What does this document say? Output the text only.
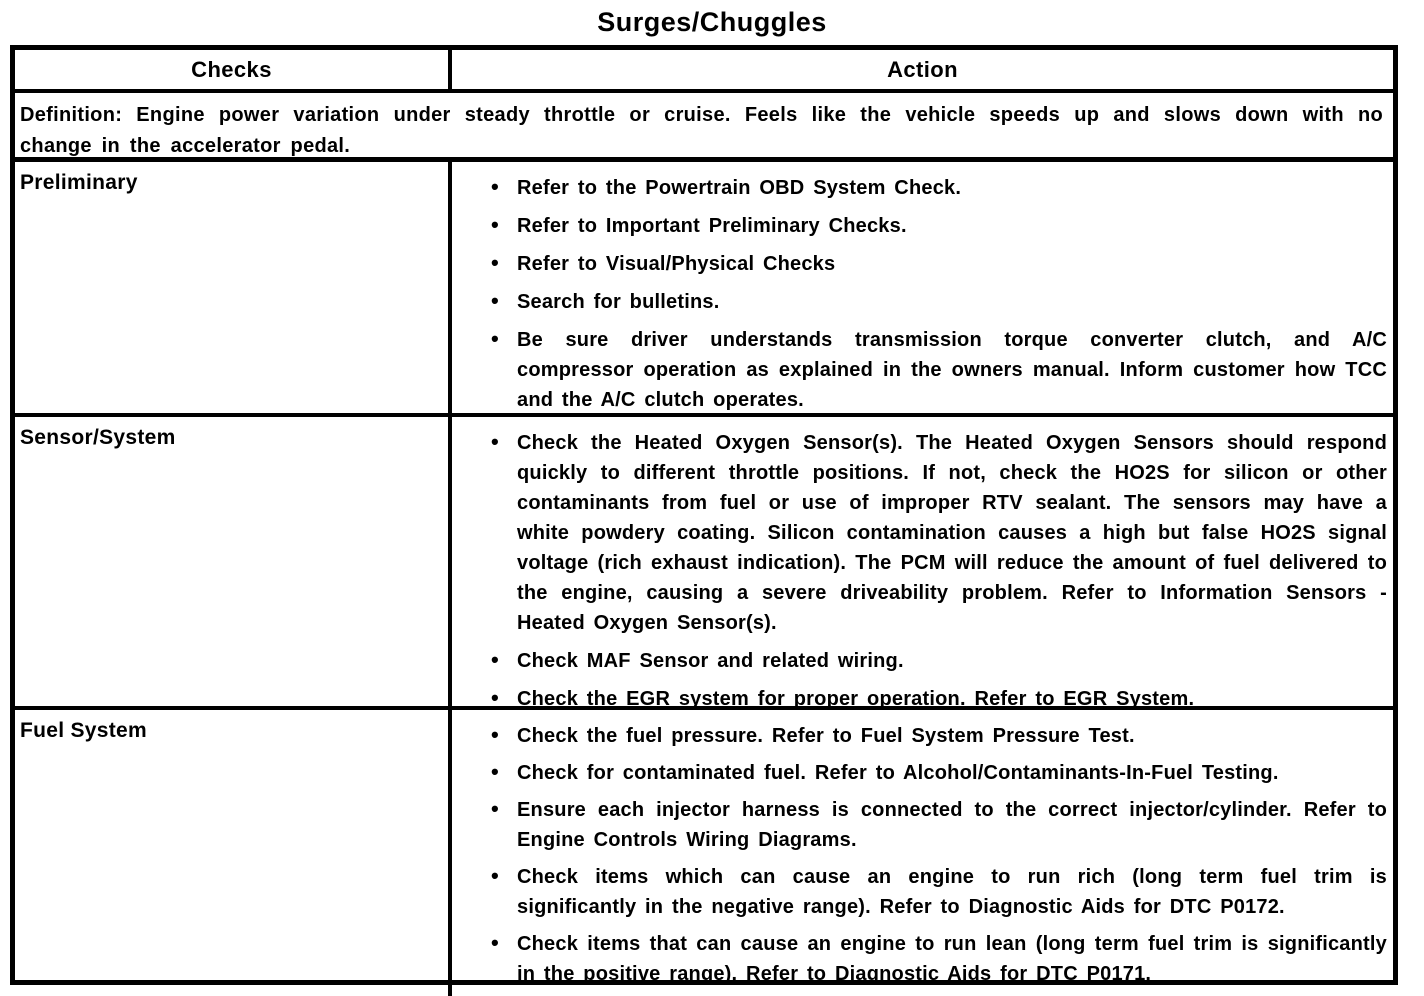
Surges/Chuggles
Checks	Action

Definition: Engine power variation under steady throttle or cruise. Feels like the vehicle speeds up and slows down with no change in the accelerator pedal.

Preliminary	• Refer to the Powertrain OBD System Check.
• Refer to Important Preliminary Checks.
• Refer to Visual/Physical Checks
• Search for bulletins.
• Be sure driver understands transmission torque converter clutch, and A/C compressor operation as explained in the owners manual. Inform customer how TCC and the A/C clutch operates.
Sensor/System	• Check the Heated Oxygen Sensor(s). The Heated Oxygen Sensors should respond quickly to different throttle positions. If not, check the HO2S for silicon or other contaminants from fuel or use of improper RTV sealant. The sensors may have a white powdery coating. Silicon contamination causes a high but false HO2S signal voltage (rich exhaust indication). The PCM will reduce the amount of fuel delivered to the engine, causing a severe driveability problem. Refer to Information Sensors - Heated Oxygen Sensor(s).
• Check MAF Sensor and related wiring.
• Check the EGR system for proper operation. Refer to EGR System.
Fuel System	• Check the fuel pressure. Refer to Fuel System Pressure Test.
• Check for contaminated fuel. Refer to Alcohol/Contaminants-In-Fuel Testing.
• Ensure each injector harness is connected to the correct injector/cylinder. Refer to Engine Controls Wiring Diagrams.
• Check items which can cause an engine to run rich (long term fuel trim is significantly in the negative range). Refer to Diagnostic Aids for DTC P0172.
• Check items that can cause an engine to run lean (long term fuel trim is significantly in the positive range). Refer to Diagnostic Aids for DTC P0171.
